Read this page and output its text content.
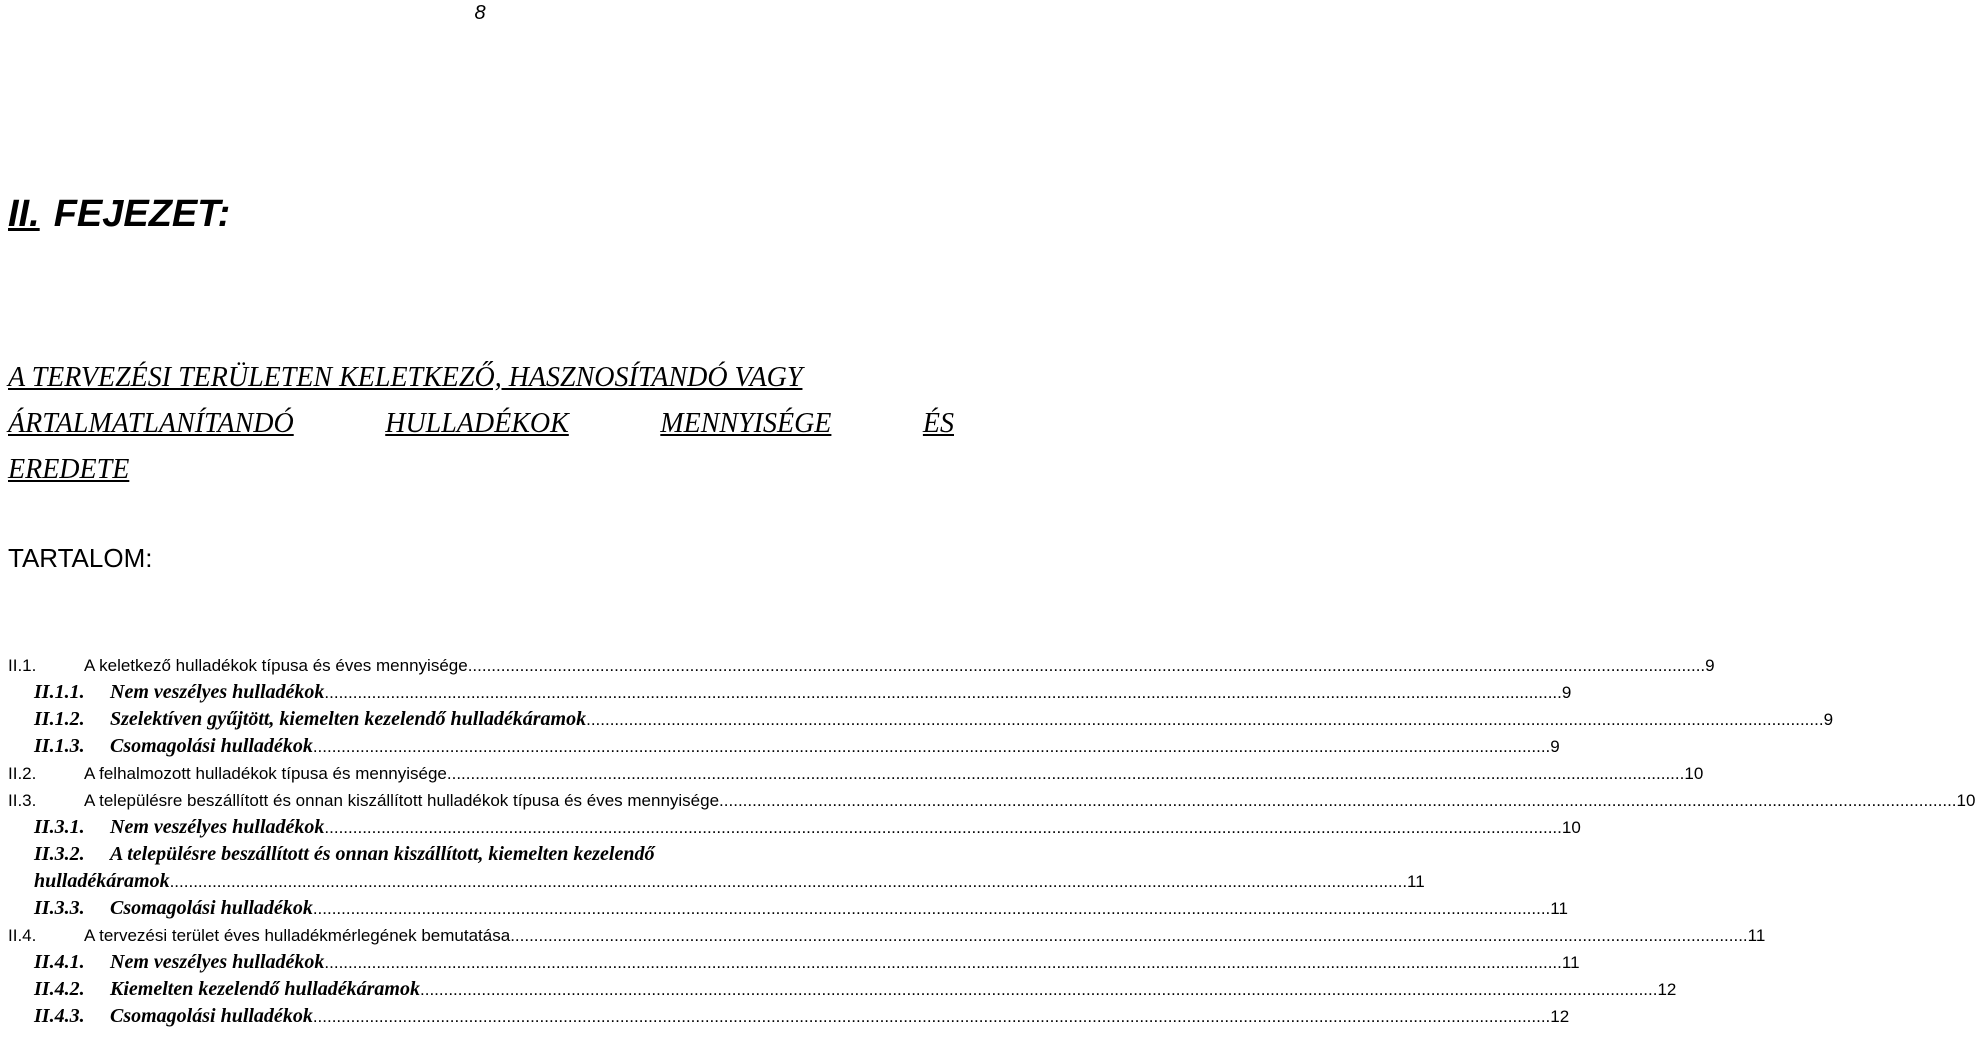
8
II. FEJEZET:
A TERVEZÉSI TERÜLETEN KELETKEZŐ, HASZNOSÍTANDÓ VAGY
ÁRTALMATLANÍTANDÓ	HULLADÉKOK	MENNYISÉGE	ÉS
EREDETE
TARTALOM:
II.1.	A keletkező hulladékok típusa és éves mennyisége .....	9
II.1.1.	Nem veszélyes hulladékok .....	9
II.1.2.	Szelektíven gyűjtött, kiemelten kezelendő hulladékáramok .....	9
II.1.3.	Csomagolási hulladékok .....	9
II.2.	A felhalmozott hulladékok típusa és mennyisége .....	10
II.3.	A településre beszállított és onnan kiszállított hulladékok típusa és éves mennyisége .....	10
II.3.1.	Nem veszélyes hulladékok .....	10
II.3.2.	A településre beszállított és onnan kiszállított, kiemelten kezelendő
hulladékáramok .....	11
II.3.3.	Csomagolási hulladékok .....	11
II.4.	A tervezési terület éves hulladékmérlegének bemutatása .....	11
II.4.1.	Nem veszélyes hulladékok .....	11
II.4.2.	Kiemelten kezelendő hulladékáramok .....	12
II.4.3.	Csomagolási hulladékok .....	12
